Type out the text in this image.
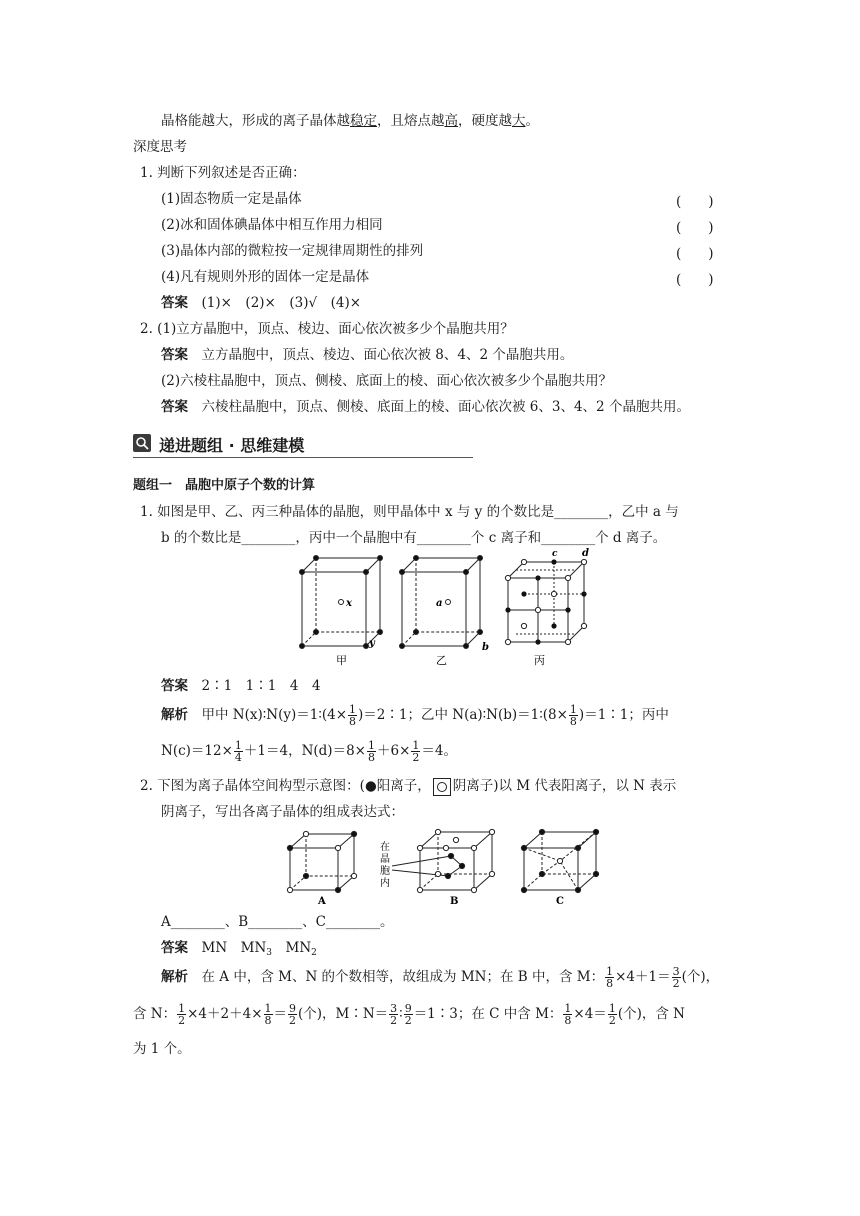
晶格能越大，形成的离子晶体越稳定，且熔点越高，硬度越大。
深度思考
1. 判断下列叙述是否正确：
(1)固态物质一定是晶体	(　　)
(2)冰和固体碘晶体中相互作用力相同	(　　)
(3)晶体内部的微粒按一定规律周期性的排列	(　　)
(4)凡有规则外形的固体一定是晶体	(　　)
答案　 (1)×　(2)×　(3)√　(4)×
2. (1)立方晶胞中，顶点、棱边、面心依次被多少个晶胞共用？
答案　 立方晶胞中，顶点、棱边、面心依次被 8、4、2 个晶胞共用。
(2)六棱柱晶胞中，顶点、侧棱、底面上的棱、面心依次被多少个晶胞共用？
答案　 六棱柱晶胞中，顶点、侧棱、底面上的棱、面心依次被 6、3、4、2 个晶胞共用。
递进题组 · 思维建模
题组一　晶胞中原子个数的计算
1. 如图是甲、乙、丙三种晶体的晶胞，则甲晶体中 x 与 y 的个数比是________，乙中 a 与
b 的个数比是________，丙中一个晶胞中有________个 c 离子和________个 d 离子。
x
y
甲
a
b
乙
c d
丙
答案　 2∶1　1∶1　4　4
解析　 甲中 N(x)∶N(y)＝1∶(4× $\frac{1}{8}$ )＝2∶1；乙中 N(a)∶N(b)＝1∶(8× $\frac{1}{8}$ )＝1∶1；丙中
$N(c)=12\times \frac{1}{4} +1=4$，$N(d)=8\times \frac{1}{8} +6\times \frac{1}{2} =4$。
2. 下图为离子晶体空间构型示意图：(●阳离子， 阴离子)以 M 代表阳离子，以 N 表示
阴离子，写出各离子晶体的组成表达式：
A
在
晶
胞
内
B	C
A________、B________、C________。
答案　 MN　$MN_3$　$MN_2$
解析　 在 A 中，含 M、N 的个数相等，故组成为 MN；在 B 中，含 M： $\frac{1}{8} \times 4+1= \frac{3}{2}$ (个)，
含 N： $\frac{1}{2} \times 4+2+4\times \frac{1}{8} = \frac{9}{2}$ (个)，M∶N＝ $\frac{3}{2}$ ∶ $\frac{9}{2}$ ＝1∶3；在 C 中含 M： $\frac{1}{8} \times 4= \frac{1}{2}$ (个)，含 N
为 1 个。
